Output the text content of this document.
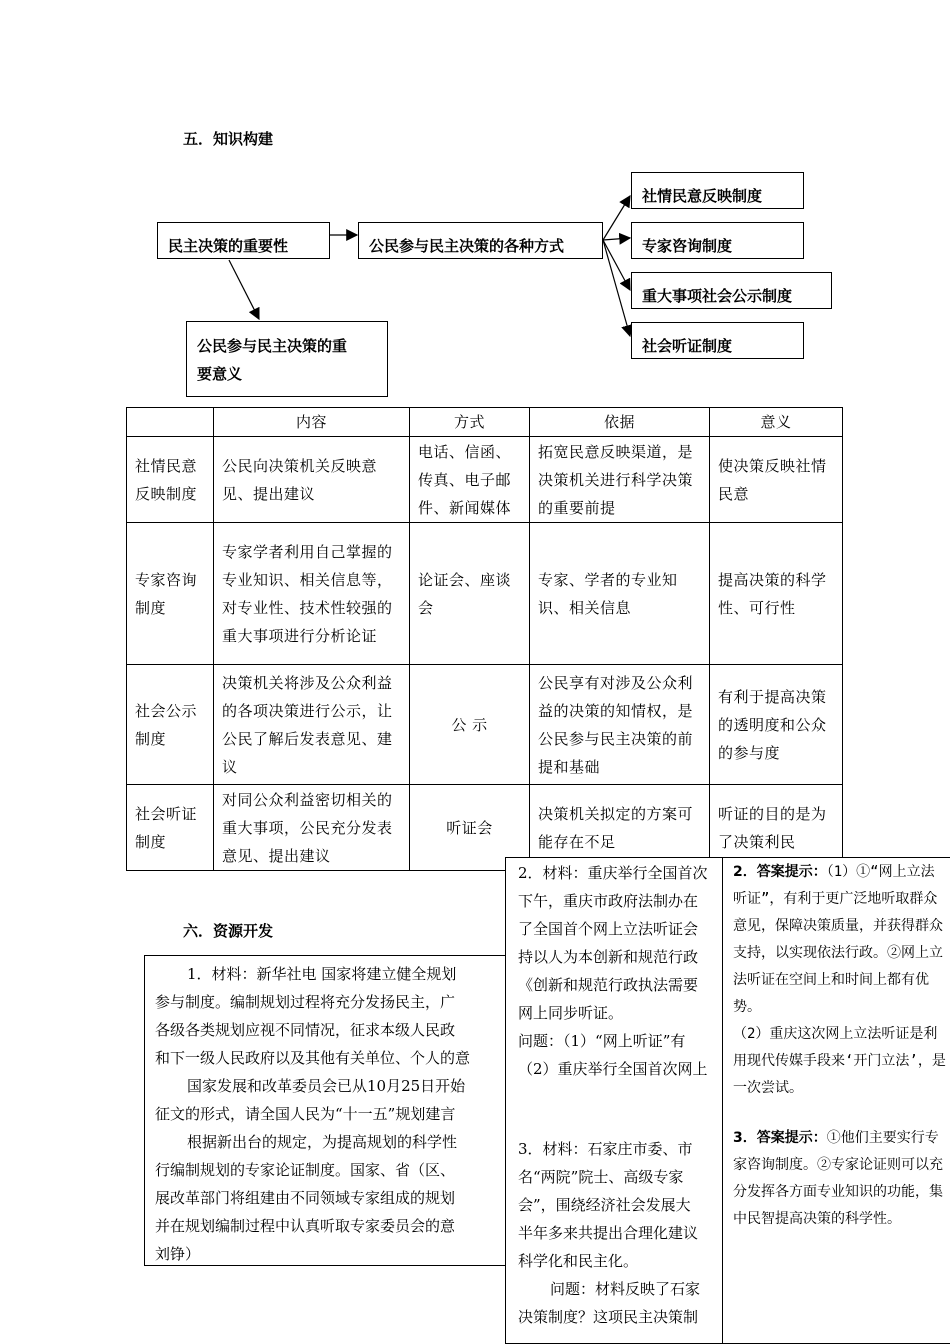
五．知识构建
民主决策的重要性	公民参与民主决策的各种方式
公民参与民主决策的重
要意义
社情民意反映制度
专家咨询制度
重大事项社会公示制度
社会听证制度
	内容	方式	依据	意义
社情民意反映制度	公民向决策机关反映意见、提出建议	电话、信函、传真、电子邮件、新闻媒体	拓宽民意反映渠道，是决策机关进行科学决策的重要前提	使决策反映社情民意
专家咨询制度	专家学者利用自己掌握的专业知识、相关信息等，对专业性、技术性较强的重大事项进行分析论证	论证会、座谈会	专家、学者的专业知识、相关信息	提高决策的科学性、可行性
社会公示制度	决策机关将涉及公众利益的各项决策进行公示，让公民了解后发表意见、建议	公 示	公民享有对涉及公众利益的决策的知情权，是公民参与民主决策的前提和基础	有利于提高决策的透明度和公众的参与度
社会听证制度	对同公众利益密切相关的重大事项，公民充分发表意见、提出建议	听证会	决策机关拟定的方案可能存在不足	听证的目的是为了决策利民
六．资源开发

1．材料：新华社电 国家将建立健全规划

参与制度。编制规划过程将充分发扬民主，广

各级各类规划应视不同情况，征求本级人民政

和下一级人民政府以及其他有关单位、个人的意

国家发展和改革委员会已从10月25日开始

征文的形式，请全国人民为“十一五”规划建言

根据新出台的规定，为提高规划的科学性

行编制规划的专家论证制度。国家、省（区、

展改革部门将组建由不同领域专家组成的规划

并在规划编制过程中认真听取专家委员会的意

刘铮）

2．材料：重庆举行全国首次

下午，重庆市政府法制办在

了全国首个网上立法听证会

持以人为本创新和规范行政

《创新和规范行政执法需要

网上同步听证。

问题：（1）“网上听证”有

（2）重庆举行全国首次网上

3．材料：石家庄市委、市

名“两院”院士、高级专家

会”，围绕经济社会发展大

半年多来共提出合理化建议

科学化和民主化。

问题：材料反映了石家

决策制度？这项民主决策制

2．答案提示：（1）①“网上立法听证”，有利于更广泛地听取群众意见，保障决策质量，并获得群众支持，以实现依法行政。②网上立法听证在空间上和时间上都有优势。

（2）重庆这次网上立法听证是利用现代传媒手段来‘开门立法’，是一次尝试。

3．答案提示：①他们主要实行专家咨询制度。②专家论证则可以充分发挥各方面专业知识的功能，集中民智提高决策的科学性。
